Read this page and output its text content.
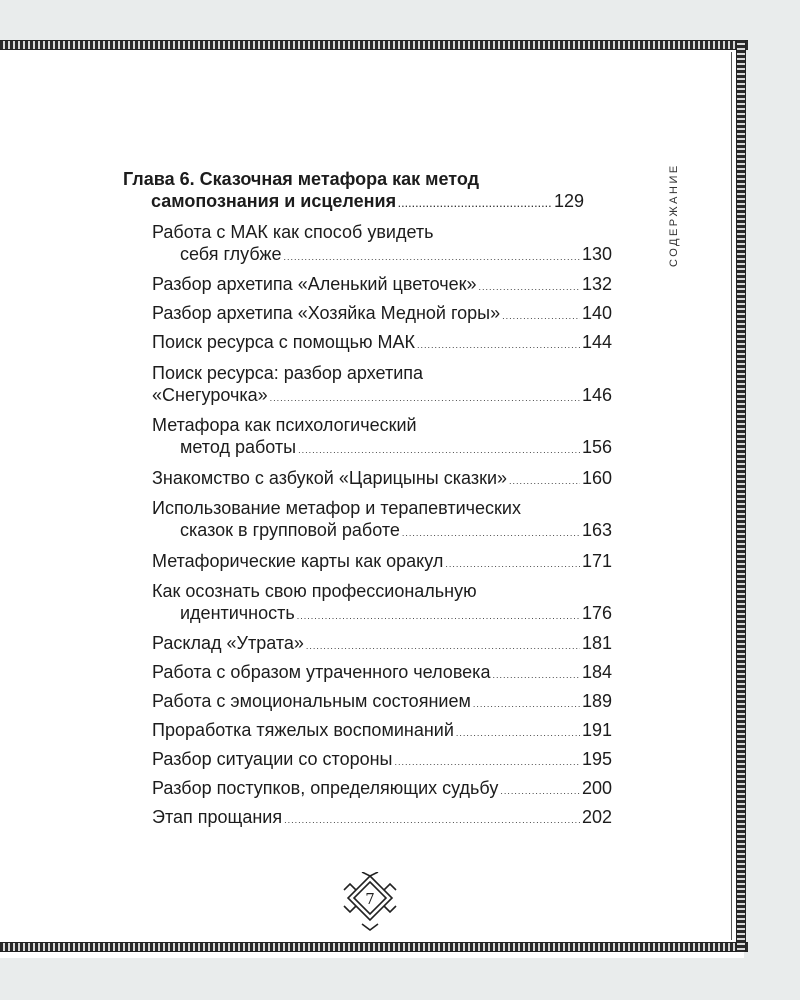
СОДЕРЖАНИЕ
Глава 6. Сказочная метафора как метод
самопознания и исцеления .....	129
Работа с МАК как способ увидеть
себя глубже .....	130
Разбор архетипа «Аленький цветочек» .....	132
Разбор архетипа «Хозяйка Медной горы» .....	140
Поиск ресурса с помощью МАК .....	144
Поиск ресурса: разбор архетипа
«Снегурочка» .....	146
Метафора как психологический
метод работы .....	156
Знакомство с азбукой «Царицыны сказки» .....	160
Использование метафор и терапевтических
сказок в групповой работе .....	163
Метафорические карты как оракул .....	171
Как осознать свою профессиональную
идентичность .....	176
Расклад «Утрата» .....	181
Работа с образом утраченного человека .....	184
Работа с эмоциональным состоянием .....	189
Проработка тяжелых воспоминаний .....	191
Разбор ситуации со стороны .....	195
Разбор поступков, определяющих судьбу .....	200
Этап прощания .....	202
7
